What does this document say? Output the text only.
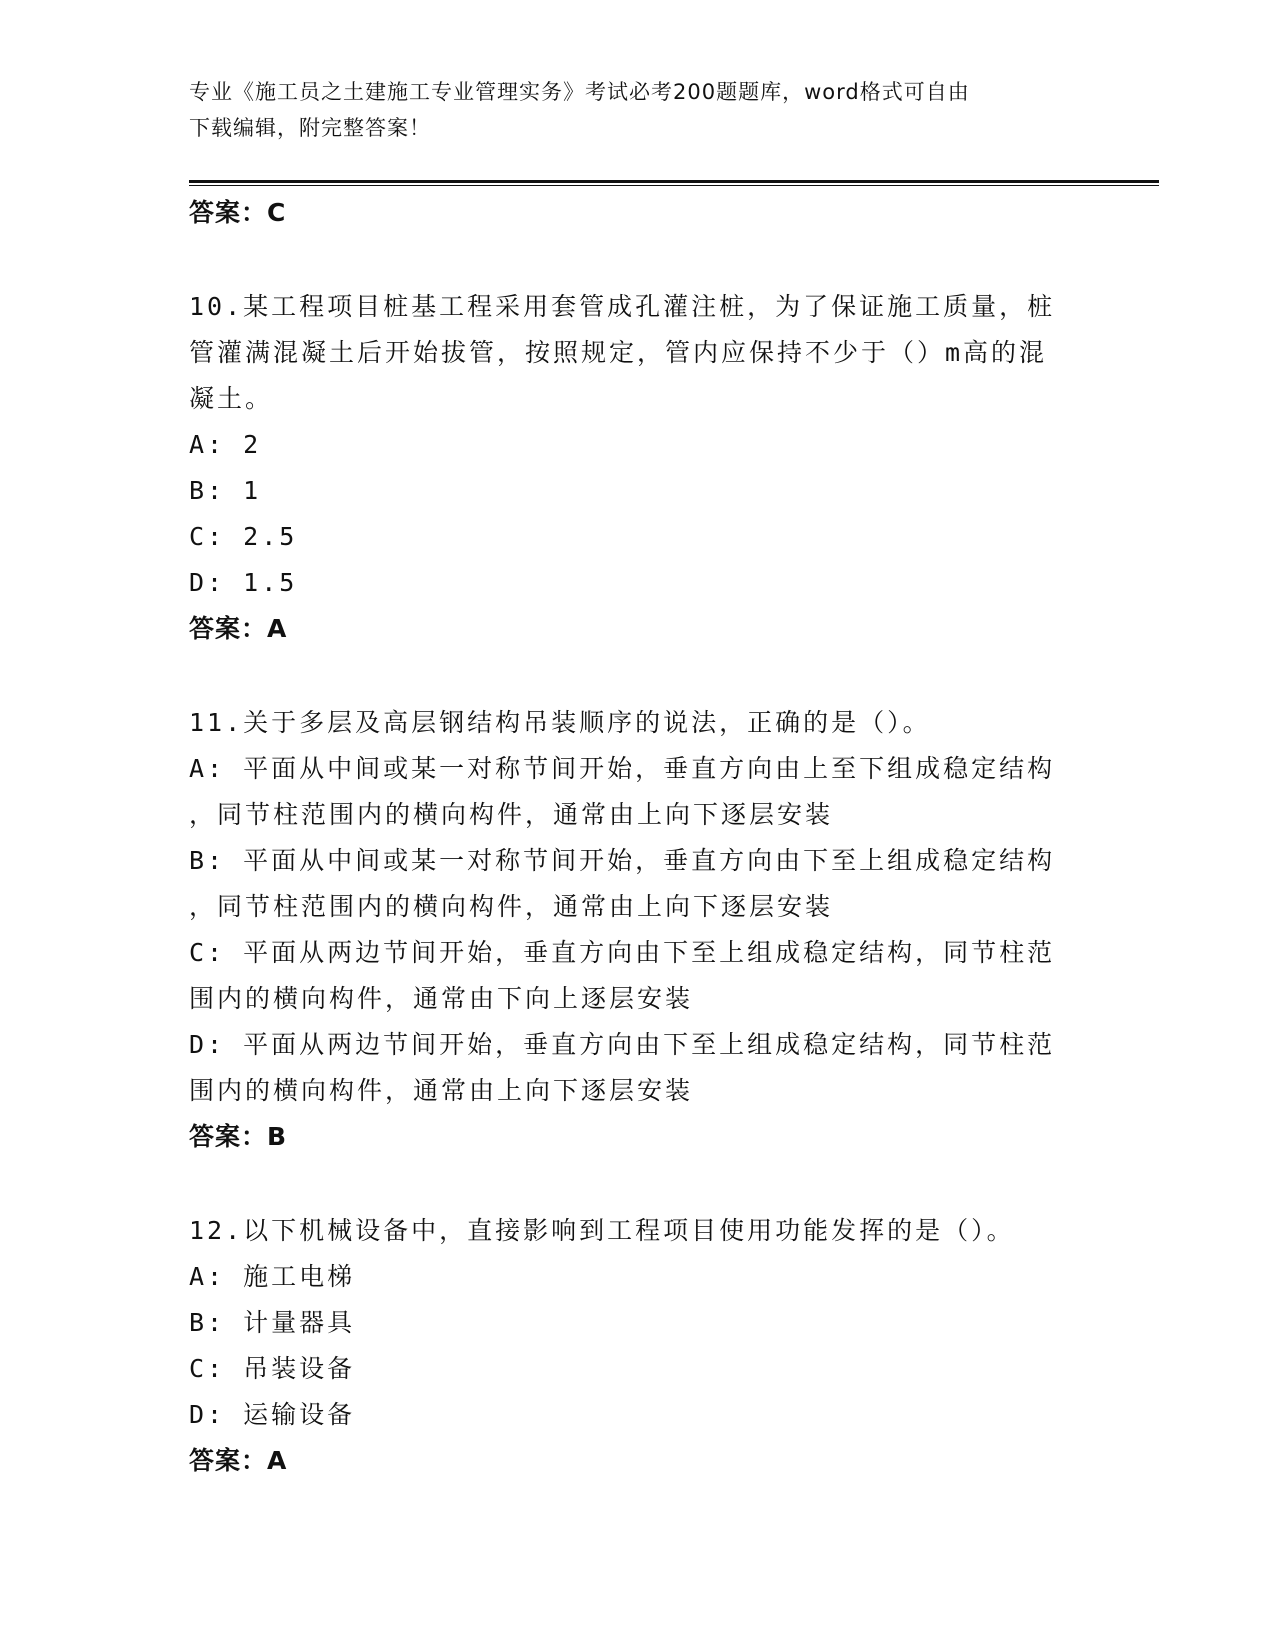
专业《施工员之土建施工专业管理实务》考试必考200题题库，word格式可自由
下载编辑，附完整答案！
答案：C
10.某工程项目桩基工程采用套管成孔灌注桩，为了保证施工质量，桩
管灌满混凝土后开始拔管，按照规定，管内应保持不少于（）m高的混
凝土。
A: 2
B: 1
C: 2.5
D: 1.5
答案：A
11.关于多层及高层钢结构吊装顺序的说法，正确的是（）。
A: 平面从中间或某一对称节间开始，垂直方向由上至下组成稳定结构
，同节柱范围内的横向构件，通常由上向下逐层安装
B: 平面从中间或某一对称节间开始，垂直方向由下至上组成稳定结构
，同节柱范围内的横向构件，通常由上向下逐层安装
C: 平面从两边节间开始，垂直方向由下至上组成稳定结构，同节柱范
围内的横向构件，通常由下向上逐层安装
D: 平面从两边节间开始，垂直方向由下至上组成稳定结构，同节柱范
围内的横向构件，通常由上向下逐层安装
答案：B
12.以下机械设备中，直接影响到工程项目使用功能发挥的是（）。
A: 施工电梯
B: 计量器具
C: 吊装设备
D: 运输设备
答案：A
